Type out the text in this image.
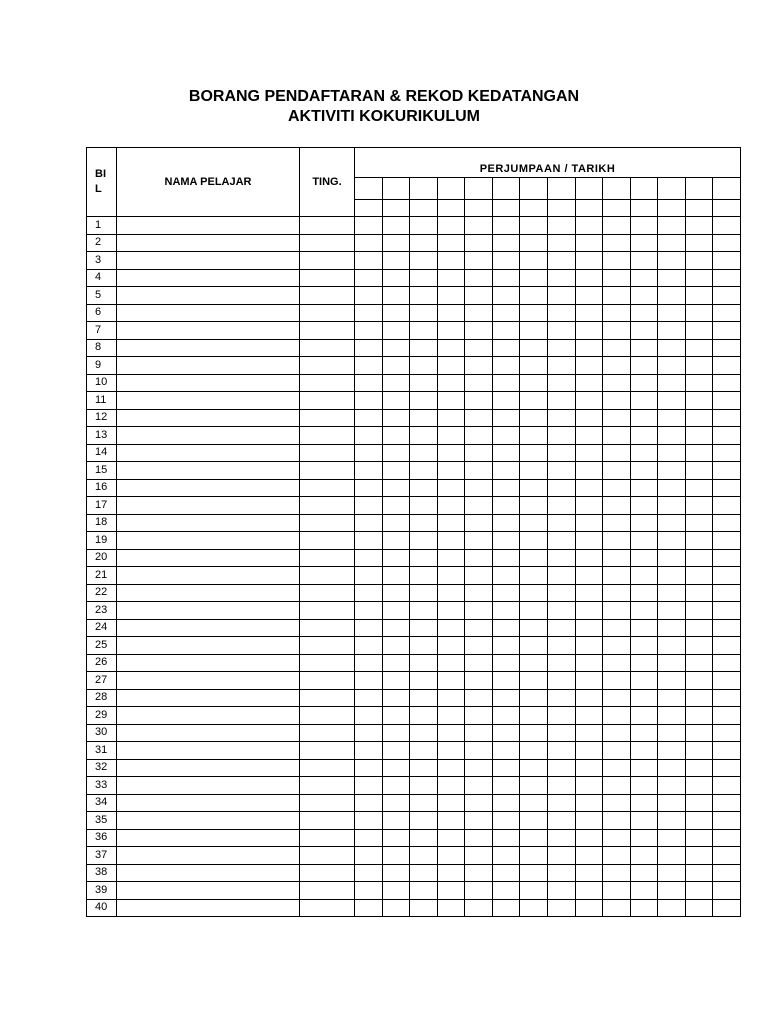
BORANG PENDAFTARAN & REKOD KEDATANGAN
AKTIVITI KOKURIKULUM
BI
L	NAMA PELAJAR	TING.	PERJUMPAAN / TARIKH													

1																
2																
3																
4																
5																
6																
7																
8																
9																
10																
11																
12																
13																
14																
15																
16																
17																
18																
19																
20																
21																
22																
23																
24																
25																
26																
27																
28																
29																
30																
31																
32																
33																
34																
35																
36																
37																
38																
39																
40																
